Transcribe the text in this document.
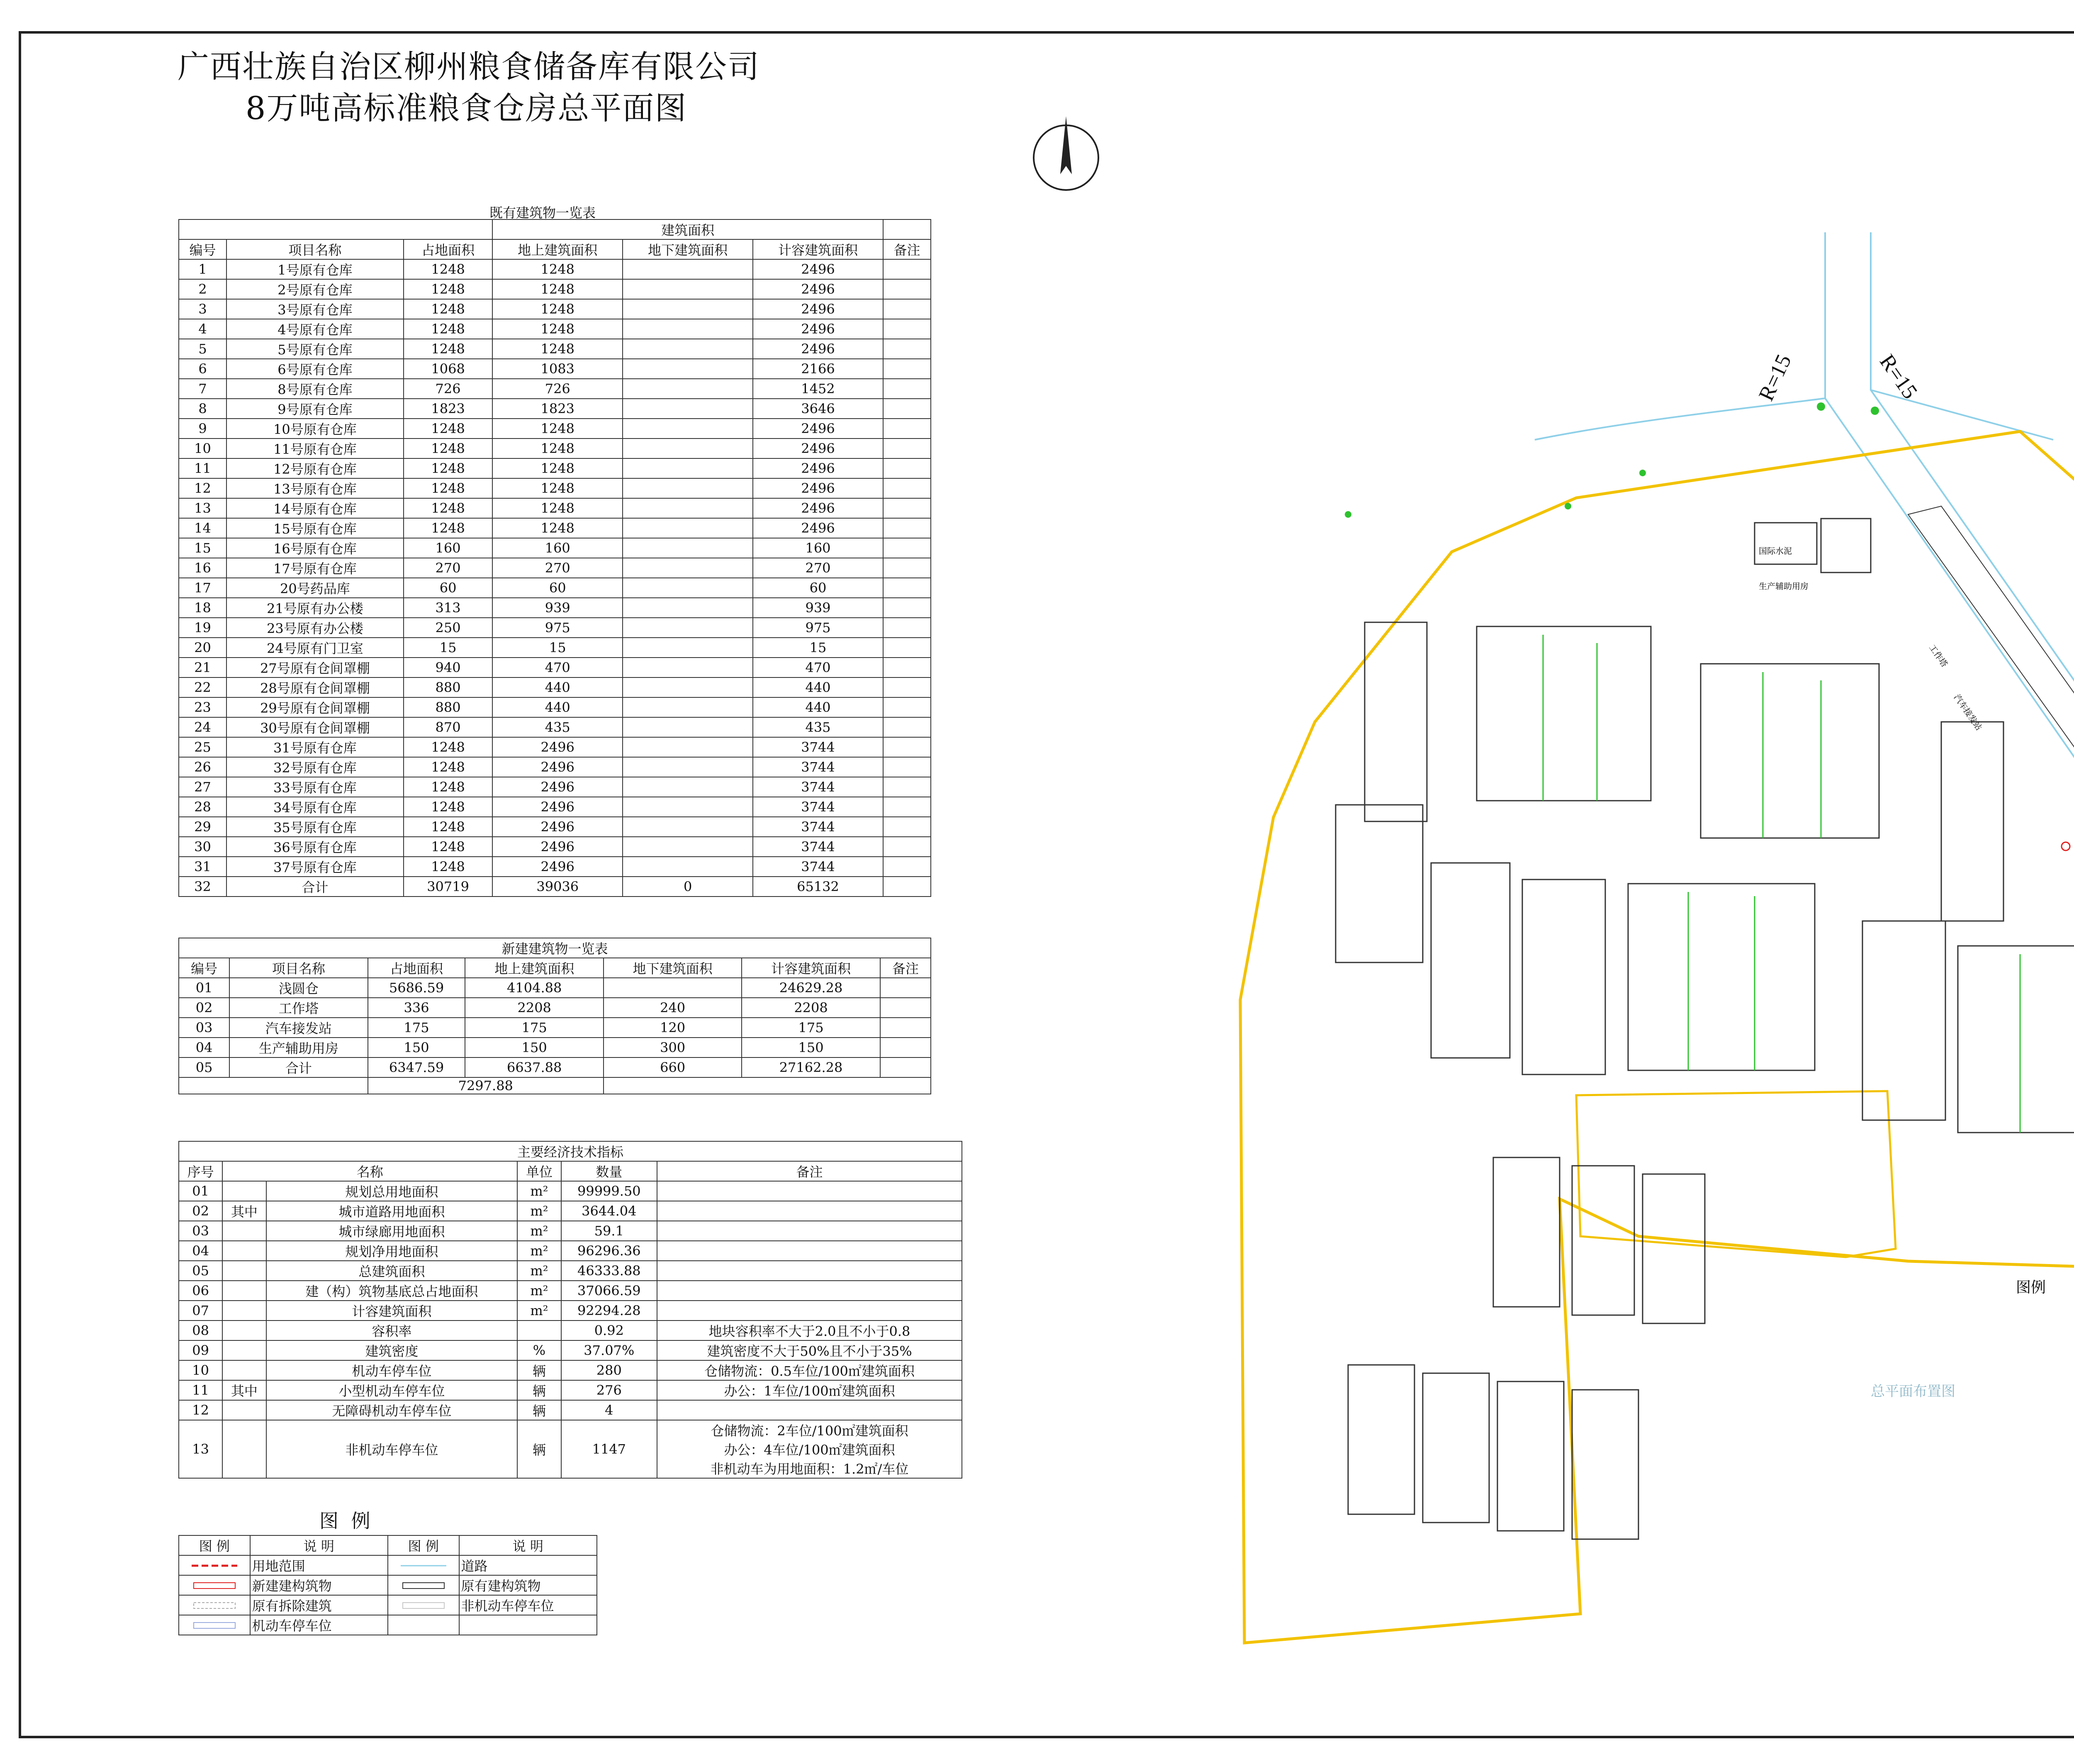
广西壮族自治区柳州粮食储备库有限公司
8万吨高标准粮食仓房总平面图
既有建筑物一览表
			建筑面积			
编号	项目名称	占地面积	地上建筑面积	地下建筑面积	计容建筑面积	备注
1	1号原有仓库	1248	1248		2496	
2	2号原有仓库	1248	1248		2496	
3	3号原有仓库	1248	1248		2496	
4	4号原有仓库	1248	1248		2496	
5	5号原有仓库	1248	1248		2496	
6	6号原有仓库	1068	1083		2166	
7	8号原有仓库	726	726		1452	
8	9号原有仓库	1823	1823		3646	
9	10号原有仓库	1248	1248		2496	
10	11号原有仓库	1248	1248		2496	
11	12号原有仓库	1248	1248		2496	
12	13号原有仓库	1248	1248		2496	
13	14号原有仓库	1248	1248		2496	
14	15号原有仓库	1248	1248		2496	
15	16号原有仓库	160	160		160	
16	17号原有仓库	270	270		270	
17	20号药品库	60	60		60	
18	21号原有办公楼	313	939		939	
19	23号原有办公楼	250	975		975	
20	24号原有门卫室	15	15		15	
21	27号原有仓间罩棚	940	470		470	
22	28号原有仓间罩棚	880	440		440	
23	29号原有仓间罩棚	880	440		440	
24	30号原有仓间罩棚	870	435		435	
25	31号原有仓库	1248	2496		3744	
26	32号原有仓库	1248	2496		3744	
27	33号原有仓库	1248	2496		3744	
28	34号原有仓库	1248	2496		3744	
29	35号原有仓库	1248	2496		3744	
30	36号原有仓库	1248	2496		3744	
31	37号原有仓库	1248	2496		3744	
32	合计	30719	39036	0	65132	
新建建筑物一览表						
编号	项目名称	占地面积	地上建筑面积	地下建筑面积	计容建筑面积	备注
01	浅圆仓	5686.59	4104.88		24629.28	
02	工作塔	336	2208	240	2208	
03	汽车接发站	175	175	120	175	
04	生产辅助用房	150	150	300	150	
05	合计	6347.59	6637.88	660	27162.28	
		7297.88				
主要经济技术指标					
序号	名称		单位	数量	备注
01		规划总用地面积	m²	99999.50	
02	其中	城市道路用地面积	m²	3644.04	
03		城市绿廊用地面积	m²	59.1	
04		规划净用地面积	m²	96296.36	
05		总建筑面积	m²	46333.88	
06		建（构）筑物基底总占地面积	m²	37066.59	
07		计容建筑面积	m²	92294.28	
08		容积率		0.92	地块容积率不大于2.0且不小于0.8
09		建筑密度	%	37.07%	建筑密度不大于50%且不小于35%
10		机动车停车位	辆	280	仓储物流：0.5车位/100㎡建筑面积
11	其中	小型机动车停车位	辆	276	办公：1车位/100㎡建筑面积
12		无障碍机动车停车位	辆	4	
13		非机动车停车位	辆	1147	仓储物流：2车位/100㎡建筑面积
办公：4车位/100㎡建筑面积
非机动车为用地面积：1.2㎡/车位
图 例
图 例	说 明	图 例	说 明
	用地范围		道路
	新建建构筑物		原有建构筑物
	原有拆除建筑		非机动车停车位
	机动车停车位		
R=15	R=15
国际水泥
生产辅助用房
工作塔
汽车接发站
图例
总平面布置图
